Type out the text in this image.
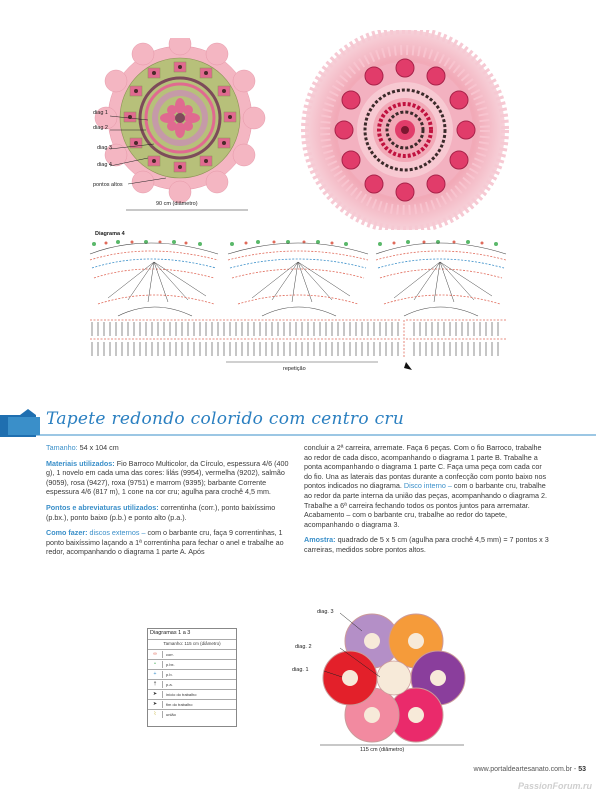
diag 1
diag 2
diag 3
diag 4
pontos altos
90 cm (diâmetro)
Diagrama 4
repetição
Tapete redondo colorido com centro cru

Tamanho: 54 x 104 cm

Materiais utilizados: Fio Barroco Multicolor, da Círculo, espessura 4/6 (400 g), 1 novelo em cada uma das cores: lilás (9954), vermelha (9202), salmão (9059), rosa (9427), roxa (9751) e marrom (9395); barbante Corrente espessura 4/6 (817 m), 1 cone na cor cru; agulha para crochê 4,5 mm.

Pontos e abreviaturas utilizados: correntinha (corr.), ponto baixíssimo (p.bx.), ponto baixo (p.b.) e ponto alto (p.a.).

Como fazer: discos externos – com o barbante cru, faça 9 correntinhas, 1 ponto baixíssimo laçando a 1ª correntinha para fechar o anel e trabalhe ao redor, acompanhando o diagrama 1 parte A. Após

concluir a 2ª carreira, arremate. Faça 6 peças. Com o fio Barroco, trabalhe ao redor de cada disco, acompanhando o diagrama 1 parte B. Trabalhe a ponta acompanhando o diagrama 1 parte C. Faça uma peça com cada cor do fio. Una as laterais das pontas durante a confecção com ponto baixo nos pontos indicados no diagrama. Disco interno – com o barbante cru, trabalhe ao redor da parte interna da união das peças, acompanhando o diagrama 2. Trabalhe a 6ª carreira fechando todos os pontos juntos para arrematar. Acabamento – com o barbante cru, trabalhe ao redor do tapete, acompanhando o diagrama 3.

Amostra: quadrado de 5 x 5 cm (agulha para crochê 4,5 mm) = 7 pontos x 3 carreiras, medidos sobre pontos altos.

Diagramas 1 a 3
Tamanho: 115 cm (diâmetro)
∞	corr.
•	p.bx.
+	p.b.
†	p.a.
➤	início do trabalho
➤	fim do trabalho
⌇	união
diag. 3
diag. 2
diag. 1
115 cm (diâmetro)
www.portaldeartesanato.com.br - 53
PassionForum.ru
